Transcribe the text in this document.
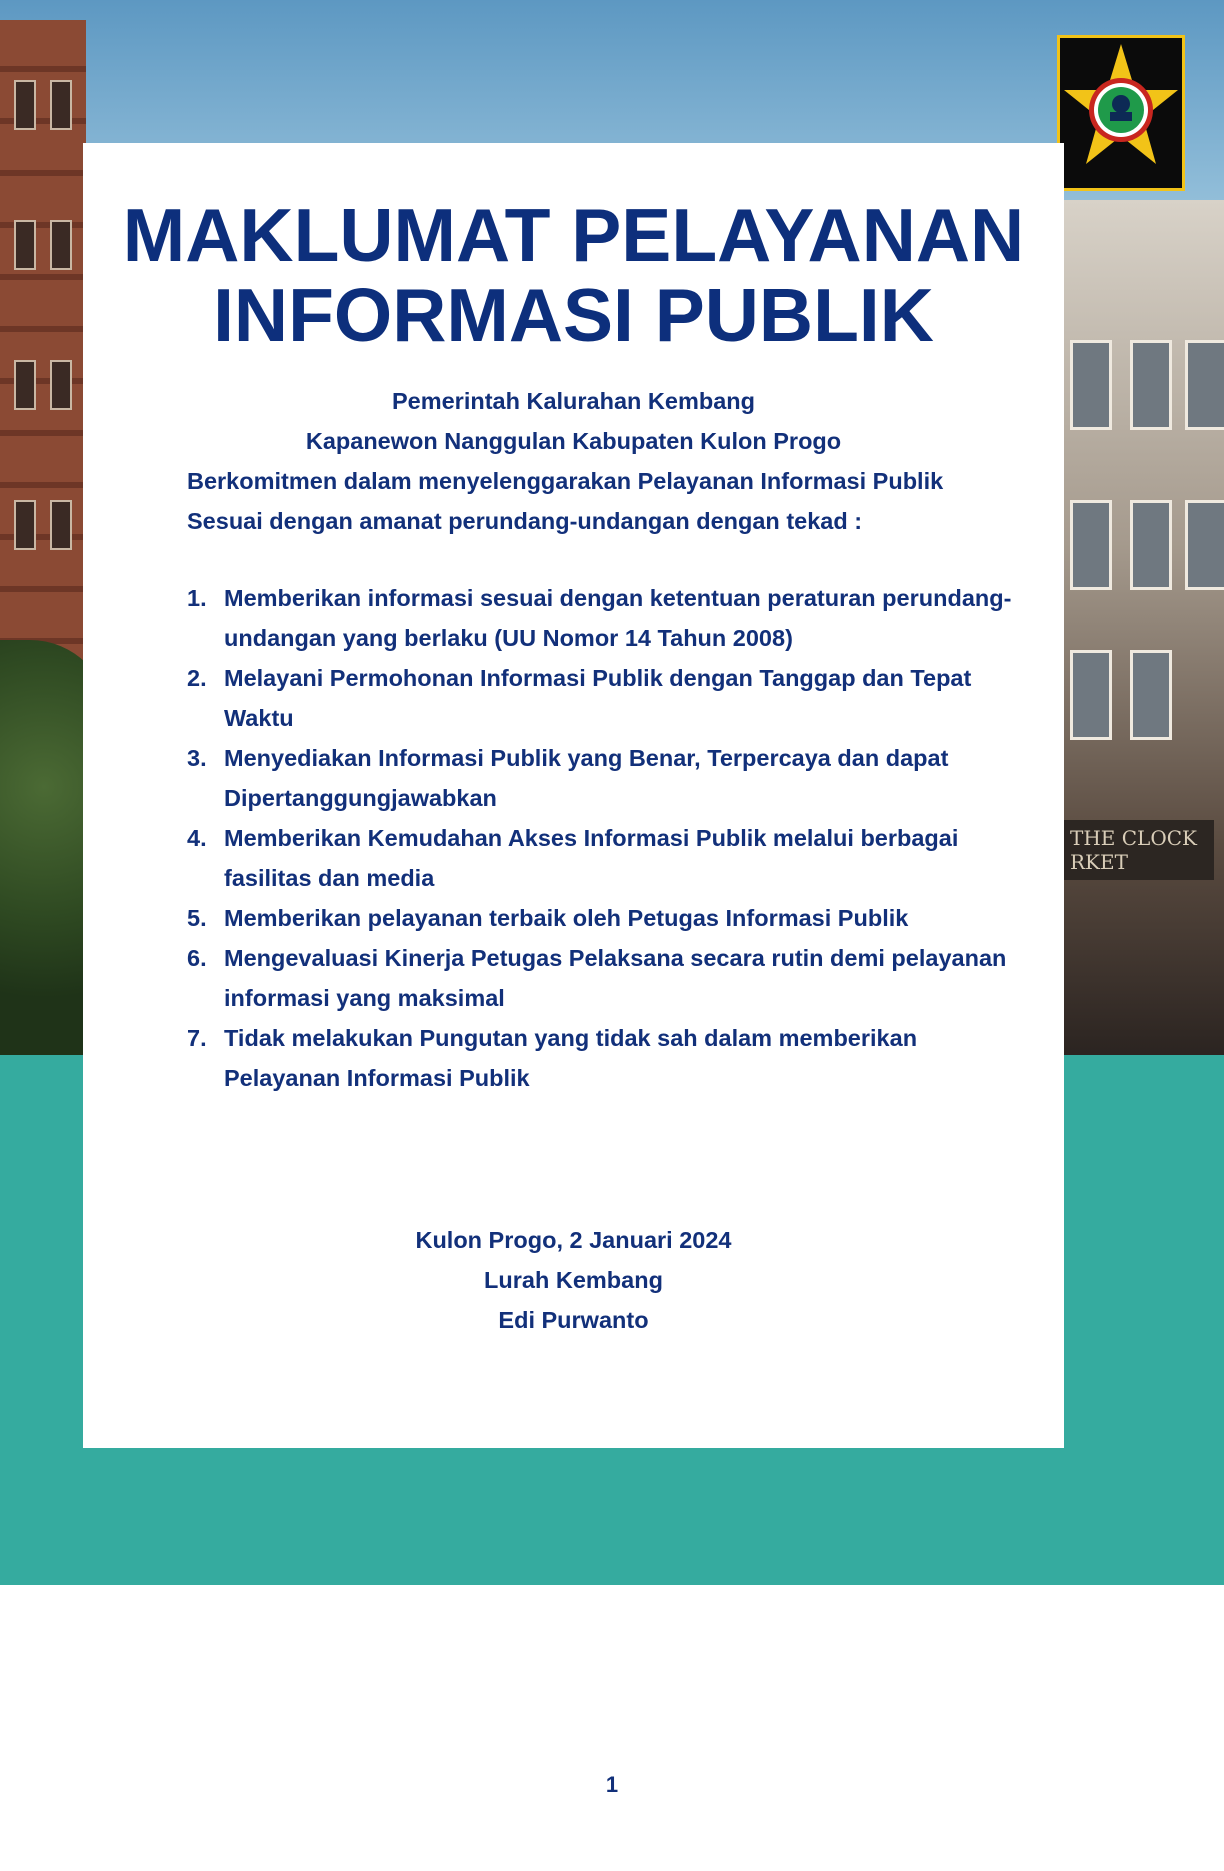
THE CLOCK RKET
MAKLUMAT PELAYANAN
INFORMASI PUBLIK
Pemerintah Kalurahan Kembang
Kapanewon Nanggulan Kabupaten Kulon Progo
Berkomitmen dalam menyelenggarakan Pelayanan Informasi Publik
Sesuai dengan amanat perundang-undangan dengan tekad :
1. Memberikan informasi sesuai dengan ketentuan peraturan perundang-undangan yang berlaku (UU Nomor 14 Tahun 2008)
2. Melayani Permohonan Informasi Publik dengan Tanggap dan Tepat Waktu
3. Menyediakan Informasi Publik yang Benar, Terpercaya dan dapat Dipertanggungjawabkan
4. Memberikan Kemudahan Akses Informasi Publik melalui berbagai fasilitas dan media
5. Memberikan pelayanan terbaik oleh Petugas Informasi Publik
6. Mengevaluasi Kinerja Petugas Pelaksana secara rutin demi pelayanan informasi yang maksimal
7. Tidak melakukan Pungutan yang tidak sah dalam memberikan Pelayanan Informasi Publik
Kulon Progo, 2 Januari 2024
Lurah Kembang
Edi Purwanto
1
